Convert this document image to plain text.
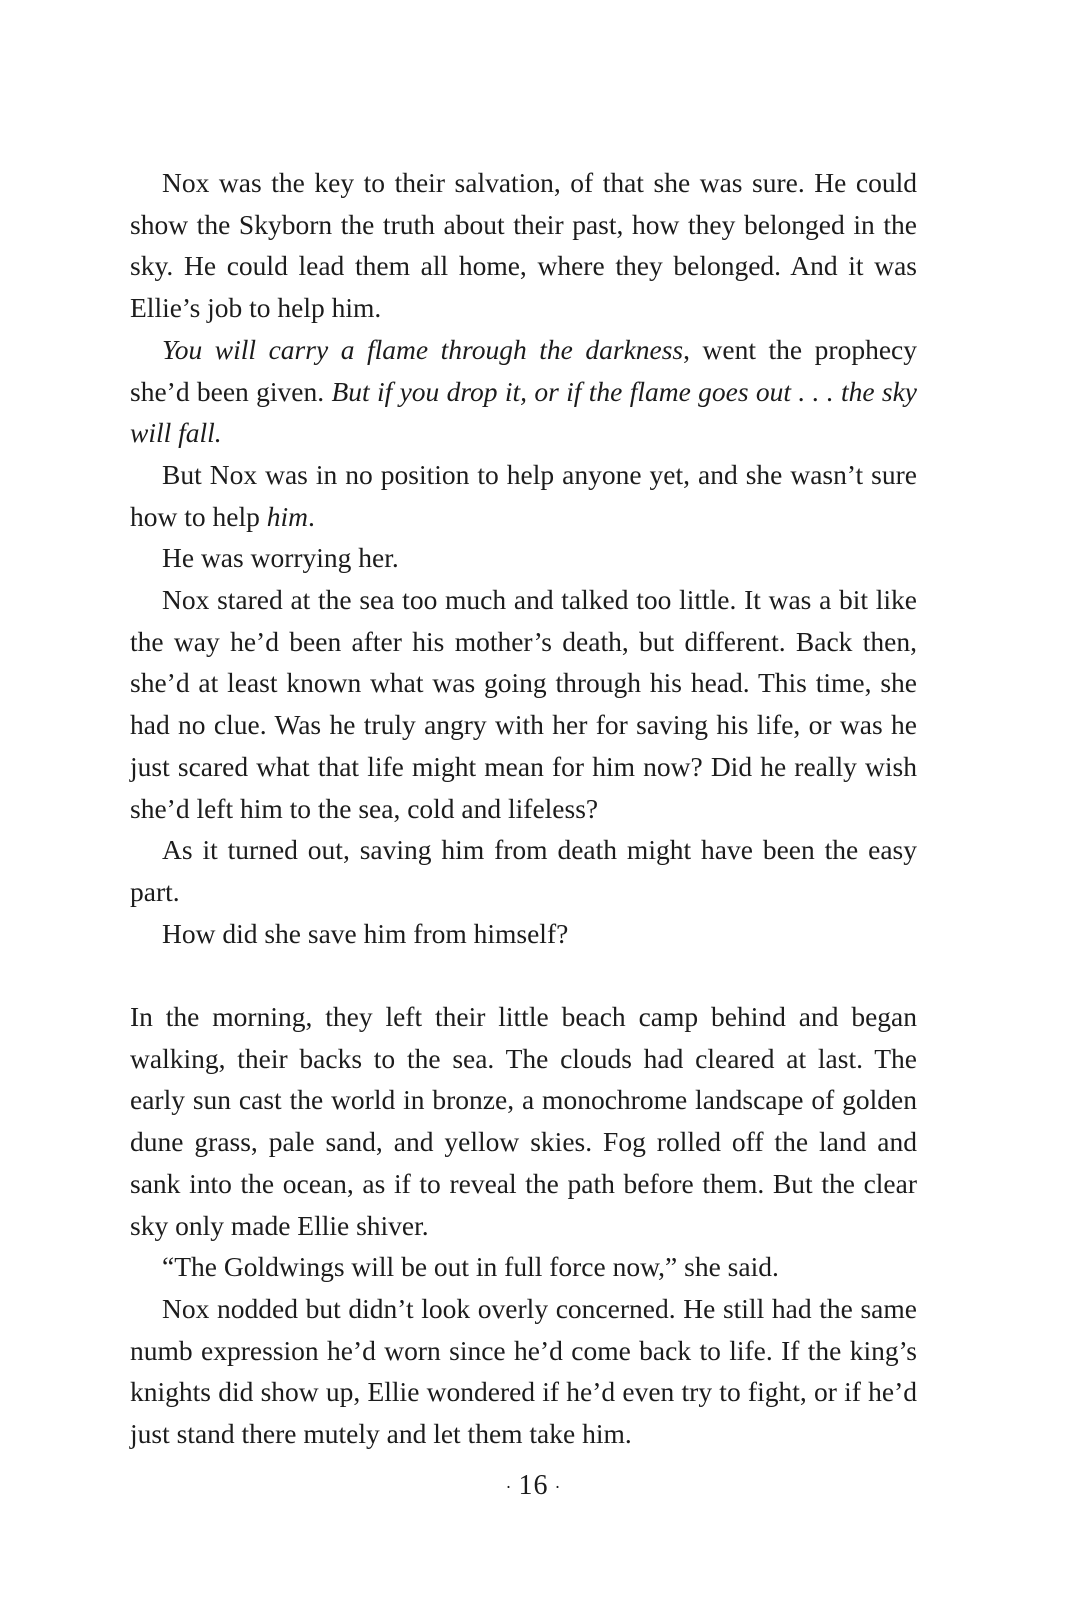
Nox was the key to their salvation, of that she was sure. He could show the Skyborn the truth about their past, how they belonged in the sky. He could lead them all home, where they belonged. And it was Ellie’s job to help him.

You will carry a flame through the darkness, went the prophecy she’d been given. But if you drop it, or if the flame goes out . . . the sky will fall.

But Nox was in no position to help anyone yet, and she wasn’t sure how to help him.

He was worrying her.

Nox stared at the sea too much and talked too little. It was a bit like the way he’d been after his mother’s death, but different. Back then, she’d at least known what was going through his head. This time, she had no clue. Was he truly angry with her for saving his life, or was he just scared what that life might mean for him now? Did he really wish she’d left him to the sea, cold and lifeless?

As it turned out, saving him from death might have been the easy part.

How did she save him from himself?

In the morning, they left their little beach camp behind and began walking, their backs to the sea. The clouds had cleared at last. The early sun cast the world in bronze, a monochrome landscape of golden dune grass, pale sand, and yellow skies. Fog rolled off the land and sank into the ocean, as if to reveal the path before them. But the clear sky only made Ellie shiver.

“The Goldwings will be out in full force now,” she said.

Nox nodded but didn’t look overly concerned. He still had the same numb expression he’d worn since he’d come back to life. If the king’s knights did show up, Ellie wondered if he’d even try to fight, or if he’d just stand there mutely and let them take him.

· 16 ·
